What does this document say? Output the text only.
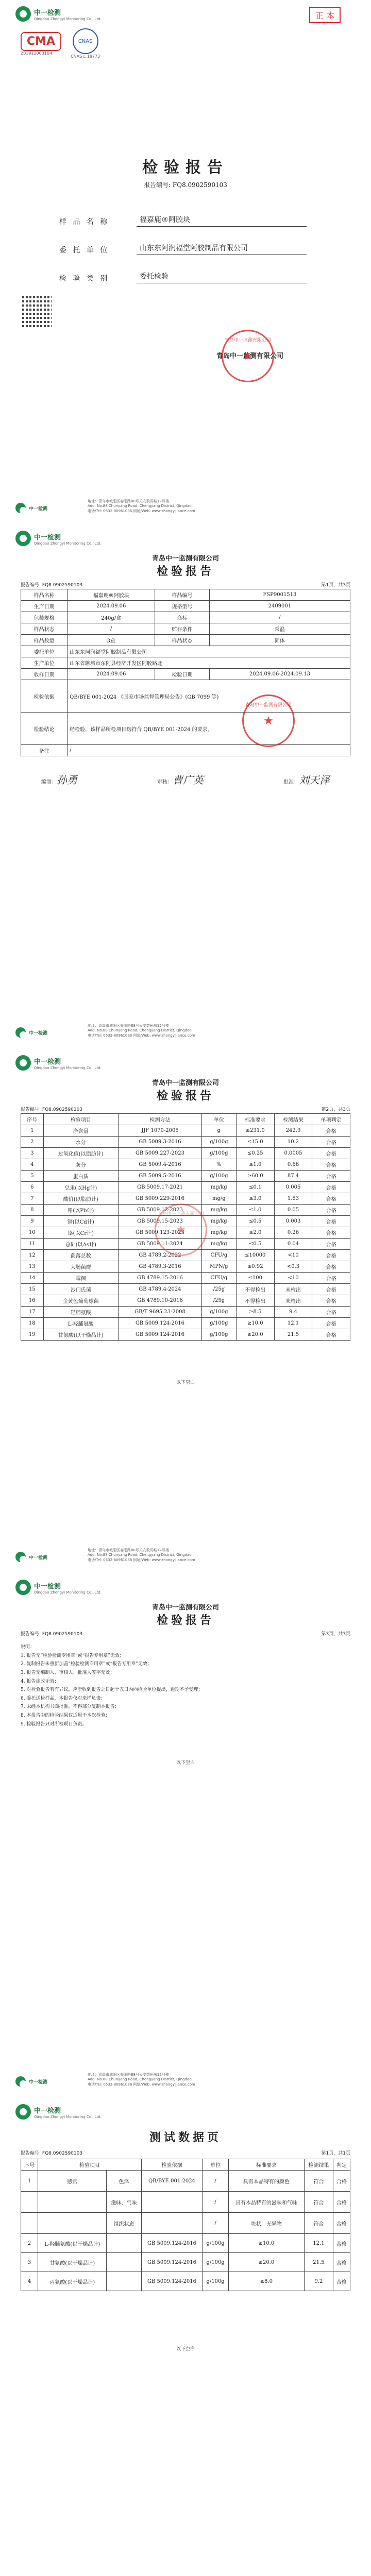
中一检测
Qingdao Zhongyi Monitoring Co., Ltd.	正 本
CMA
201912003104
CNAS
CNAS L 18773
检验报告
报告编号: FQ8.0902590103
样 品 名 称	福嘉鹿®阿胶块
委 托 单 位	山东东阿润福堂阿胶制品有限公司
检 验 类 别	委托检验
青岛中一监测有限公司
★ 青岛中一监测有限公司
中一检测
地址：青岛市城阳区春阳路88号天安数码城12号楼
Add: No.88 Chunyang Road, Chengyang District, Qingdao
电话/Tel: 0532-80961086 网址/Web: www.zhongyijiance.com
中一检测
Qingdao Zhongyi Monitoring Co., Ltd.
青岛中一监测有限公司
检验报告
报告编号: FQ8.0902590103	第1页，共3页
样品名称	福嘉鹿®阿胶块	样品编号	FSP9001513
生产日期	2024.09.06	规格型号	2409001
包装规格	240g/盒	商标	/
样品状态	/	贮存条件	常温
样品数量	3盒	样品状态	固体
委托单位	山东东阿润福堂阿胶制品有限公司		
生产单位	山东省聊城市东阿县经济开发区阿胶路北		
收样日期	2024.09.06	检验日期	2024.09.06-2024.09.13
检验依据	QB/BYE 001-2024 《国家市场监督管理局公告》(GB 7099 等)		
检验结论	经检验，该样品所检项目均符合 QB/BYE 001-2024 的要求。		
备注	/		
★ 青岛中一监测有限公司
编制：孙勇	审核：曹广英	批准：刘天泽
中一检测
地址：青岛市城阳区春阳路88号天安数码城12号楼
Add: No.88 Chunyang Road, Chengyang District, Qingdao
电话/Tel: 0532-80961086 网址/Web: www.zhongyijiance.com
中一检测
Qingdao Zhongyi Monitoring Co., Ltd.
青岛中一监测有限公司
检验报告
报告编号: FQ8.0902590103	第2页，共3页
序号	检验项目	检测方法	单位	标准要求	检测结果	单项判定
1	净含量	JJF 1070-2005	g	≥231.0	242.9	合格
2	水分	GB 5009.3-2016	g/100g	≤15.0	10.2	合格
3	过氧化值(以脂肪计)	GB 5009.227-2023	g/100g	≤0.25	0.0005	合格
4	灰分	GB 5009.4-2016	%	≤1.0	0.66	合格
5	蛋白质	GB 5009.5-2016	g/100g	≥60.0	87.4	合格
6	总汞(以Hg计)	GB 5009.17-2021	mg/kg	≤0.1	0.005	合格
7	酸价(以脂肪计)	GB 5009.229-2016	mg/g	≤3.0	1.53	合格
8	铅(以Pb计)	GB 5009.12-2023	mg/kg	≤1.0	0.05	合格
9	镉(以Cd计)	GB 5009.15-2023	mg/kg	≤0.5	0.003	合格
10	铬(以Cr计)	GB 5009.123-2023	mg/kg	≤2.0	0.26	合格
11	总砷(以As计)	GB 5009.11-2024	mg/kg	≤0.5	0.04	合格
12	菌落总数	GB 4789.2-2022	CFU/g	≤10000	<10	合格
13	大肠菌群	GB 4789.3-2016	MPN/g	≤0.92	<0.3	合格
14	霉菌	GB 4789.15-2016	CFU/g	≤100	<10	合格
15	沙门氏菌	GB 4789.4-2024	/25g	不得检出	未检出	合格
16	金黄色葡萄球菌	GB 4789.10-2016	/25g	不得检出	未检出	合格
17	羟脯氨酸	GB/T 9695.23-2008	g/100g	≥8.5	9.4	合格
18	L-羟脯氨酸	GB 5009.124-2016	g/100g	≥10.0	12.1	合格
19	甘氨酸(以干燥品计)	GB 5009.124-2016	g/100g	≥20.0	21.5	合格
★ 青岛中一监测有限公司
以下空白
中一检测
地址：青岛市城阳区春阳路88号天安数码城12号楼
Add: No.88 Chunyang Road, Chengyang District, Qingdao
电话/Tel: 0532-80961086 网址/Web: www.zhongyijiance.com
中一检测
Qingdao Zhongyi Monitoring Co., Ltd.
青岛中一监测有限公司
检验报告
报告编号: FQ8.0902590103	第3页，共3页
说明：
1. 报告无“检验检测专用章”或“报告专用章”无效；
2. 复制报告未重新加盖“检验检测专用章”或“报告专用章”无效；
3. 报告无编制人、审核人、批准人签字无效；
4. 报告涂改无效；
5. 对检验报告若有异议，应于收到报告之日起十五日内向检验单位提出，逾期不予受理；
6. 委托送检样品，本报告仅对来样负责；
7. 未经本机构书面批准，不得部分复制本报告；
8. 本报告中的检验结果仅适用于本次检验；
9. 检验报告只对所检项目负责。
以下空白
中一检测
地址：青岛市城阳区春阳路88号天安数码城12号楼
Add: No.88 Chunyang Road, Chengyang District, Qingdao
电话/Tel: 0532-80961086 网址/Web: www.zhongyijiance.com
中一检测
Qingdao Zhongyi Monitoring Co., Ltd.
测试数据页
报告编号: FQ8.0902590103	第1页，共1页
序号	检验项目		检验依据	单位	标准要求	检测结果	判定
1	感官	色泽	QB/BYE 001-2024	/	具有本品特有的颜色	符合	合格
		滋味、气味		/	具有本品特有的滋味和气味	符合	合格
		组织状态		/	块状，无异物	符合	合格
2	L-羟脯氨酸(以干燥品计)		GB 5009.124-2016	g/100g	≥10.0	12.1	合格
3	甘氨酸(以干燥品计)		GB 5009.124-2016	g/100g	≥20.0	21.5	合格
4	丙氨酸(以干燥品计)		GB 5009.124-2016	g/100g	≥8.0	9.2	合格
以下空白
